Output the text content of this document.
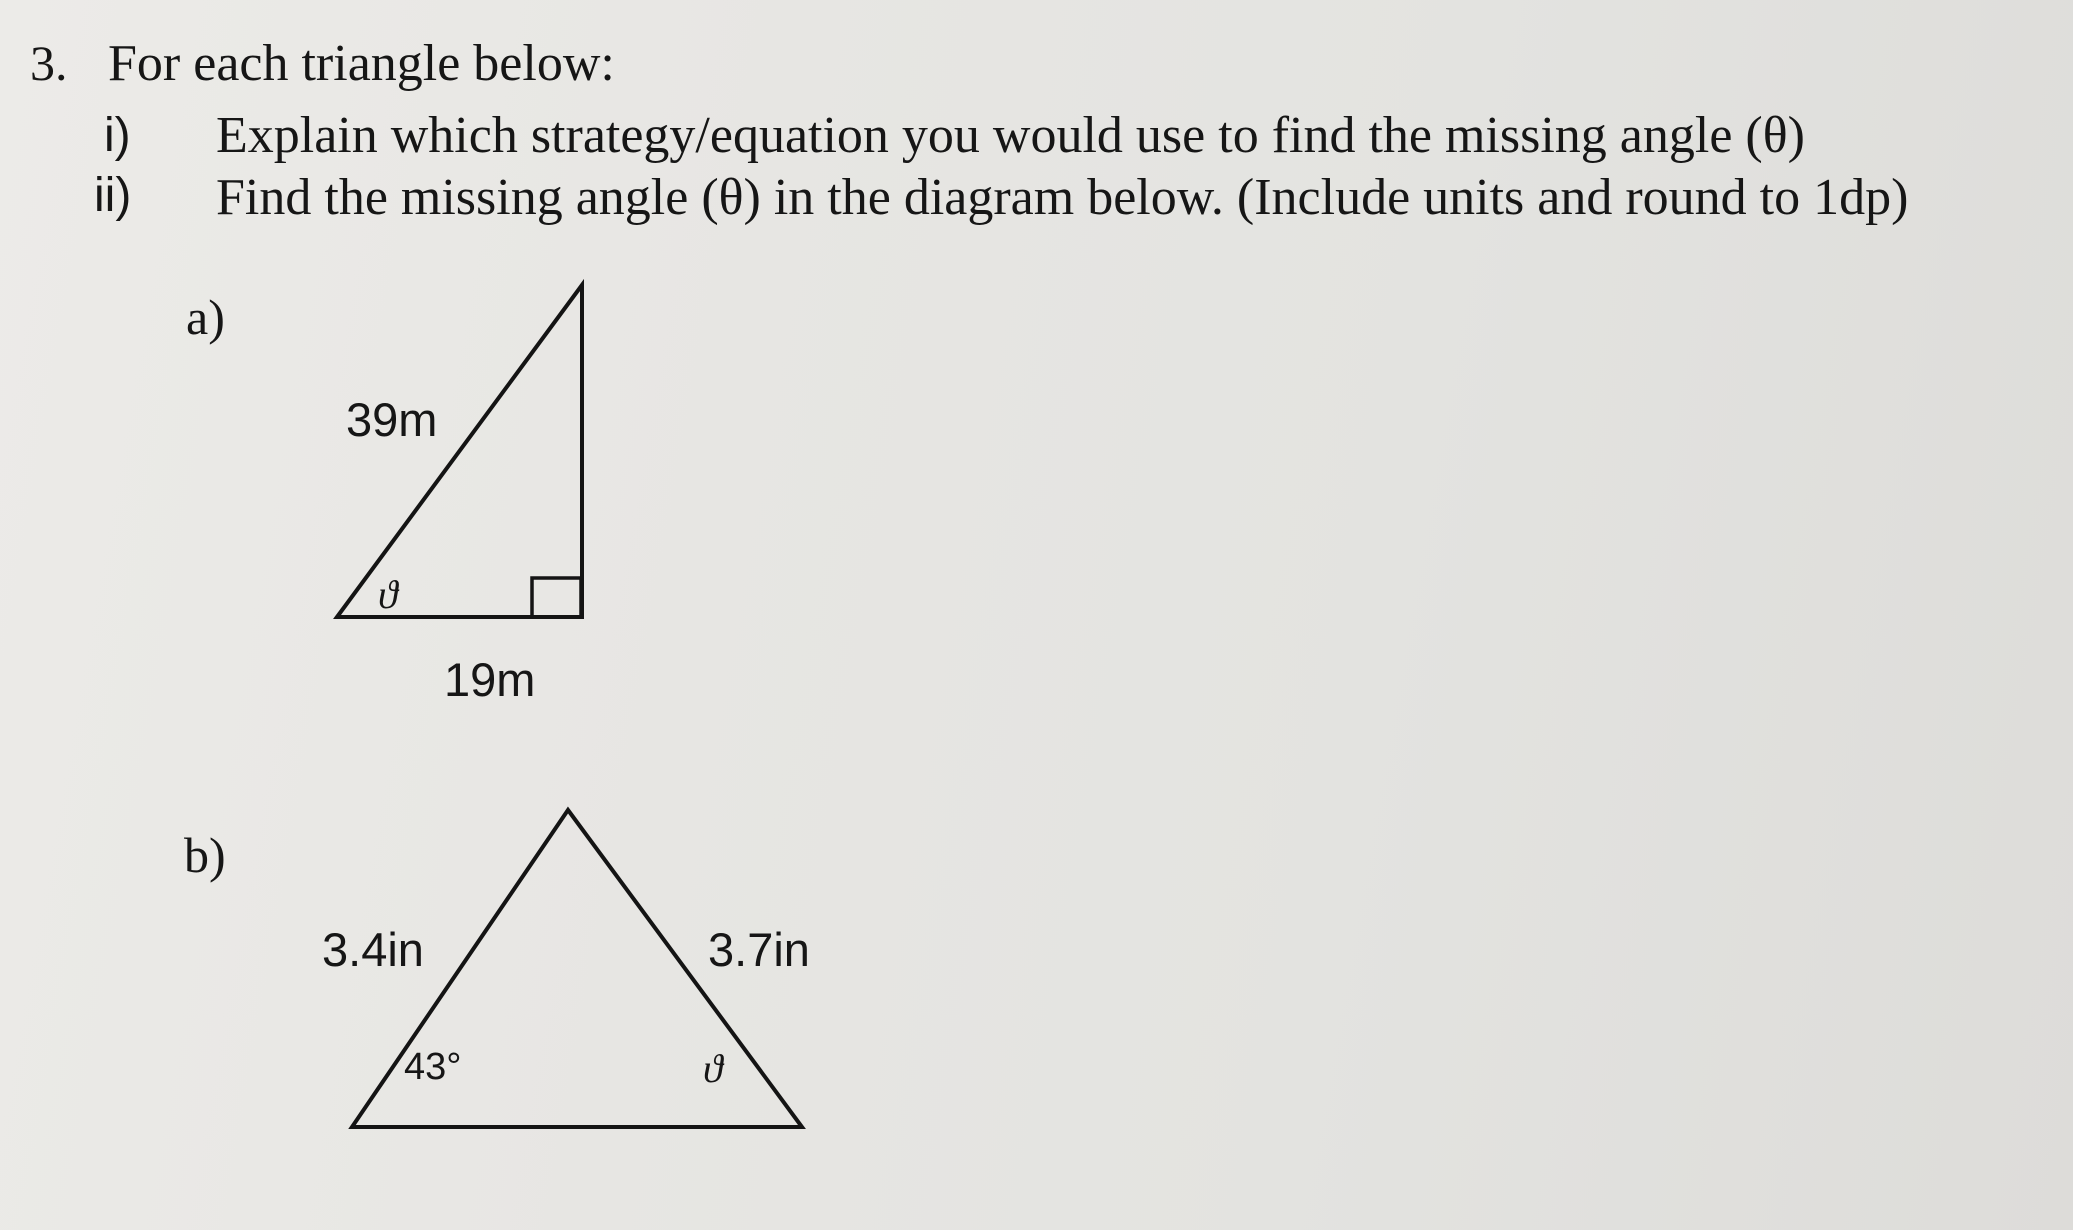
3. For each triangle below:
i) Explain which strategy/equation you would use to find the missing angle (θ)
ii) Find the missing angle (θ) in the diagram below. (Include units and round to 1dp)
a)
39m
19m
ϑ
b)
3.4in	3.7in
43°	ϑ
